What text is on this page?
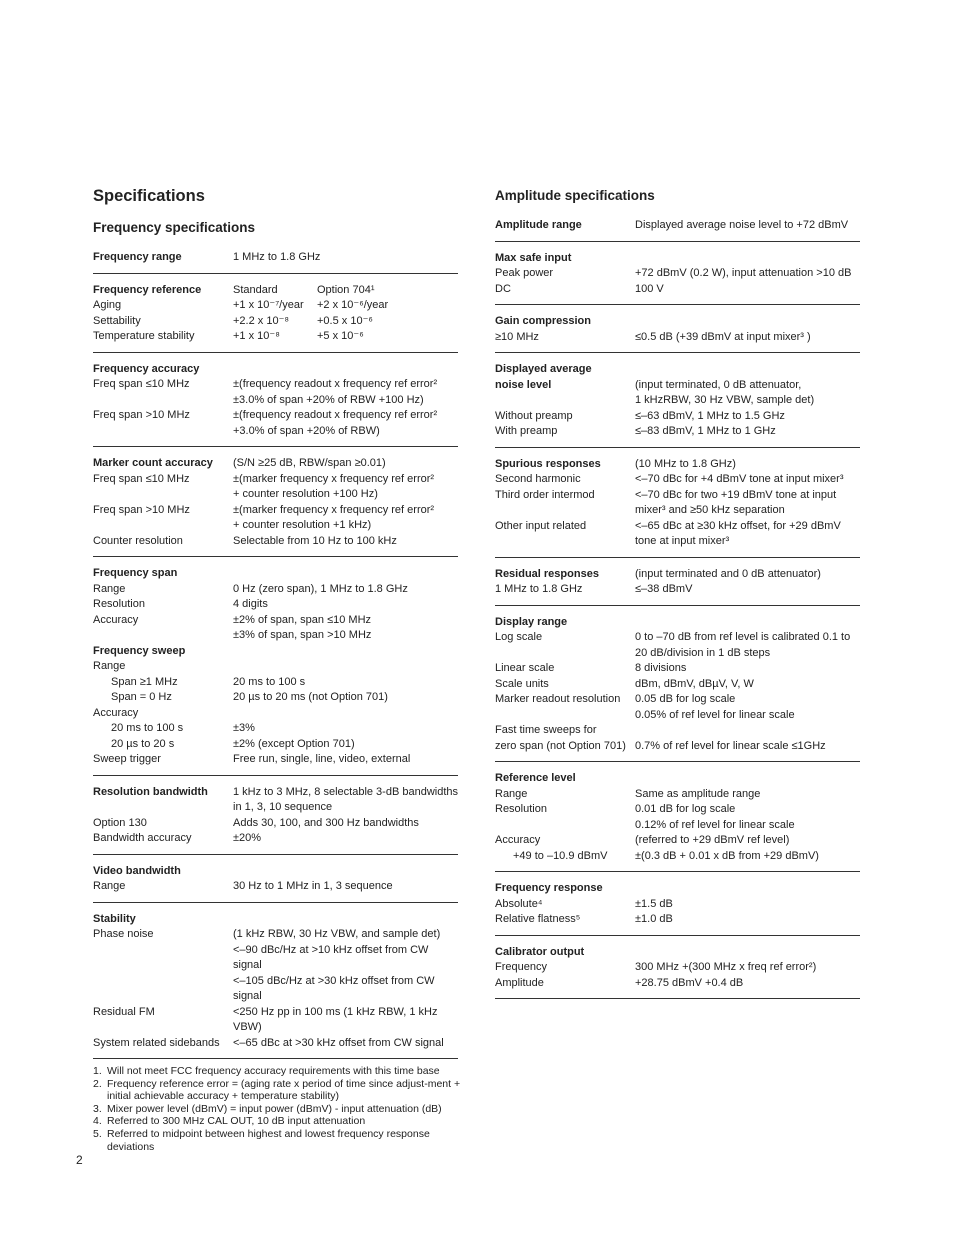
Specifications
Frequency specifications
Frequency range	1 MHz to 1.8 GHz
Frequency reference	Standard	Option 704¹
Aging	+1 x 10⁻⁷/year	+2 x 10⁻⁶/year
Settability	+2.2 x 10⁻⁸	+0.5 x 10⁻⁶
Temperature stability	+1 x 10⁻⁸	+5 x 10⁻⁶
Frequency accuracy
Freq span ≤10 MHz	±(frequency readout x frequency ref error²
±3.0% of span +20% of RBW +100 Hz)
Freq span >10 MHz	±(frequency readout x frequency ref error²
+3.0% of span +20% of RBW)
Marker count accuracy	(S/N ≥25 dB, RBW/span ≥0.01)
Freq span ≤10 MHz	±(marker frequency x frequency ref error²
+ counter resolution +100 Hz)
Freq span >10 MHz	±(marker frequency x frequency ref error²
+ counter resolution +1 kHz)
Counter resolution	Selectable from 10 Hz to 100 kHz
Frequency span
Range	0 Hz (zero span), 1 MHz to 1.8 GHz
Resolution	4 digits
Accuracy	±2% of span, span ≤10 MHz
±3% of span, span >10 MHz
Frequency sweep
Range
Span ≥1 MHz	20 ms to 100 s
Span = 0 Hz	20 µs to 20 ms (not Option 701)
Accuracy
20 ms to 100 s	±3%
20 µs to 20 s	±2% (except Option 701)
Sweep trigger	Free run, single, line, video, external
Resolution bandwidth	1 kHz to 3 MHz, 8 selectable 3-dB bandwidths
in 1, 3, 10 sequence
Option 130	Adds 30, 100, and 300 Hz bandwidths
Bandwidth accuracy	±20%
Video bandwidth
Range	30 Hz to 1 MHz in 1, 3 sequence
Stability
Phase noise	(1 kHz RBW, 30 Hz VBW, and sample det)
<–90 dBc/Hz at >10 kHz offset from CW
signal
<–105 dBc/Hz at >30 kHz offset from CW
signal
Residual FM	<250 Hz pp in 100 ms (1 kHz RBW, 1 kHz
VBW)
System related sidebands	<–65 dBc at >30 kHz offset from CW signal
Amplitude specifications
Amplitude range	Displayed average noise level to +72 dBmV
Max safe input
Peak power	+72 dBmV (0.2 W), input attenuation >10 dB
DC	100 V
Gain compression
≥10 MHz	≤0.5 dB (+39 dBmV at input mixer³ )
Displayed average
noise level	(input terminated, 0 dB attenuator,
1 kHzRBW, 30 Hz VBW, sample det)
Without preamp	≤–63 dBmV, 1 MHz to 1.5 GHz
With preamp	≤–83 dBmV, 1 MHz to 1 GHz
Spurious responses	(10 MHz to 1.8 GHz)
Second harmonic	<–70 dBc for +4 dBmV tone at input mixer³
Third order intermod	<–70 dBc for two +19 dBmV tone at input
mixer³ and ≥50 kHz separation
Other input related	<–65 dBc at ≥30 kHz offset, for +29 dBmV
tone at input mixer³
Residual responses	(input terminated and 0 dB attenuator)
1 MHz to 1.8 GHz	≤–38 dBmV
Display range
Log scale	0 to –70 dB from ref level is calibrated 0.1 to
20 dB/division in 1 dB steps
Linear scale	8 divisions
Scale units	dBm, dBmV, dBµV, V, W
Marker readout resolution	0.05 dB for log scale
0.05% of ref level for linear scale
Fast time sweeps for
zero span (not Option 701) 0.7% of ref level for linear scale ≤1GHz
Reference level
Range	Same as amplitude range
Resolution	0.01 dB for log scale
0.12% of ref level for linear scale
Accuracy	(referred to +29 dBmV ref level)
+49 to –10.9 dBmV	±(0.3 dB + 0.01 x dB from +29 dBmV)
Frequency response
Absolute⁴	±1.5 dB
Relative flatness⁵	±1.0 dB
Calibrator output
Frequency	300 MHz +(300 MHz x freq ref error²)
Amplitude	+28.75 dBmV +0.4 dB
1. Will not meet FCC frequency accuracy requirements with this time base
2. Frequency reference error = (aging rate x period of time since adjust-ment + initial achievable accuracy + temperature stability)
3. Mixer power level (dBmV) = input power (dBmV) - input attenuation (dB)
4. Referred to 300 MHz CAL OUT, 10 dB input attenuation
5. Referred to midpoint between highest and lowest frequency response deviations
2
